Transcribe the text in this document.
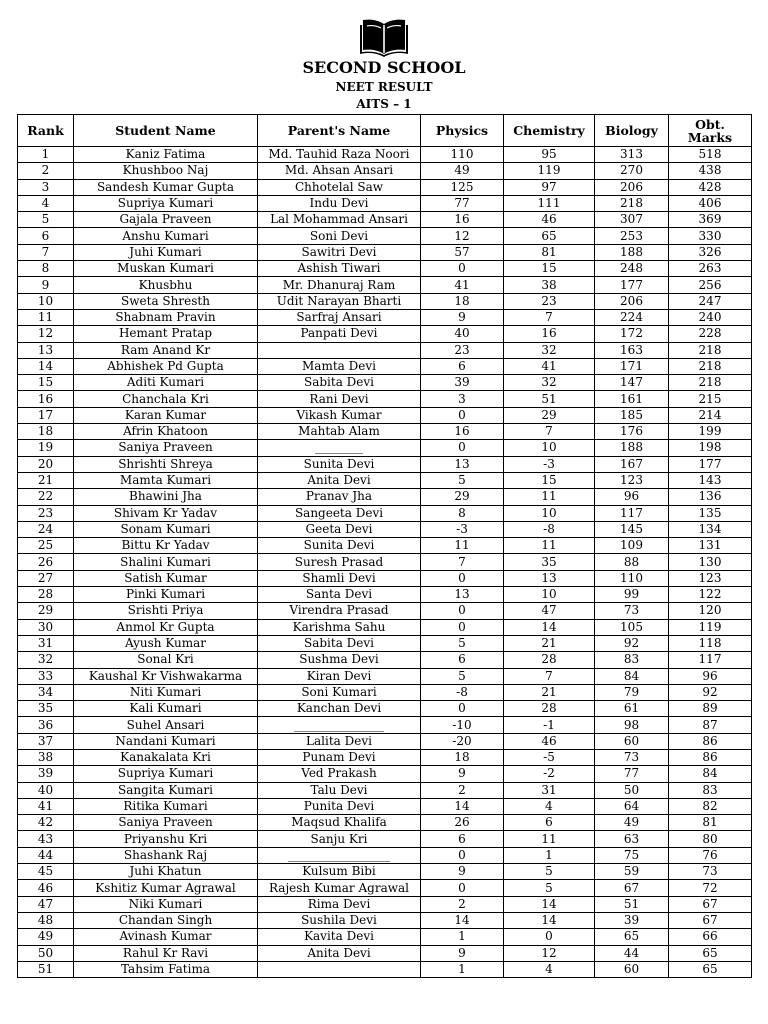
SECOND SCHOOL
NEET RESULT
AITS – 1
Rank	Student Name	Parent's Name	Physics	Chemistry	Biology	Obt. Marks
1	Kaniz Fatima	Md. Tauhid Raza Noori	110	95	313	518
2	Khushboo Naj	Md. Ahsan Ansari	49	119	270	438
3	Sandesh Kumar Gupta	Chhotelal Saw	125	97	206	428
4	Supriya Kumari	Indu Devi	77	111	218	406
5	Gajala Praveen	Lal Mohammad Ansari	16	46	307	369
6	Anshu Kumari	Soni Devi	12	65	253	330
7	Juhi Kumari	Sawitri Devi	57	81	188	326
8	Muskan Kumari	Ashish Tiwari	0	15	248	263
9	Khusbhu	Mr. Dhanuraj Ram	41	38	177	256
10	Sweta Shresth	Udit Narayan Bharti	18	23	206	247
11	Shabnam Pravin	Sarfraj Ansari	9	7	224	240
12	Hemant Pratap	Panpati Devi	40	16	172	228
13	Ram Anand Kr		23	32	163	218
14	Abhishek Pd Gupta	Mamta Devi	6	41	171	218
15	Aditi Kumari	Sabita Devi	39	32	147	218
16	Chanchala Kri	Rani Devi	3	51	161	215
17	Karan Kumar	Vikash Kumar	0	29	185	214
18	Afrin Khatoon	Mahtab Alam	16	7	176	199
19	Saniya Praveen	________	0	10	188	198
20	Shrishti Shreya	Sunita Devi	13	-3	167	177
21	Mamta Kumari	Anita Devi	5	15	123	143
22	Bhawini Jha	Pranav Jha	29	11	96	136
23	Shivam Kr Yadav	Sangeeta Devi	8	10	117	135
24	Sonam Kumari	Geeta Devi	-3	-8	145	134
25	Bittu Kr Yadav	Sunita Devi	11	11	109	131
26	Shalini Kumari	Suresh Prasad	7	35	88	130
27	Satish Kumar	Shamli Devi	0	13	110	123
28	Pinki Kumari	Santa Devi	13	10	99	122
29	Srishti Priya	Virendra Prasad	0	47	73	120
30	Anmol Kr Gupta	Karishma Sahu	0	14	105	119
31	Ayush Kumar	Sabita Devi	5	21	92	118
32	Sonal Kri	Sushma Devi	6	28	83	117
33	Kaushal Kr Vishwakarma	Kiran Devi	5	7	84	96
34	Niti Kumari	Soni Kumari	-8	21	79	92
35	Kali Kumari	Kanchan Devi	0	28	61	89
36	Suhel Ansari	_______________	-10	-1	98	87
37	Nandani Kumari	Lalita Devi	-20	46	60	86
38	Kanakalata Kri	Punam Devi	18	-5	73	86
39	Supriya Kumari	Ved Prakash	9	-2	77	84
40	Sangita Kumari	Talu Devi	2	31	50	83
41	Ritika Kumari	Punita Devi	14	4	64	82
42	Saniya Praveen	Maqsud Khalifa	26	6	49	81
43	Priyanshu Kri	Sanju Kri	6	11	63	80
44	Shashank Raj	_________________	0	1	75	76
45	Juhi Khatun	Kulsum Bibi	9	5	59	73
46	Kshitiz Kumar Agrawal	Rajesh Kumar Agrawal	0	5	67	72
47	Niki Kumari	Rima Devi	2	14	51	67
48	Chandan Singh	Sushila Devi	14	14	39	67
49	Avinash Kumar	Kavita Devi	1	0	65	66
50	Rahul Kr Ravi	Anita Devi	9	12	44	65
51	Tahsim Fatima		1	4	60	65
